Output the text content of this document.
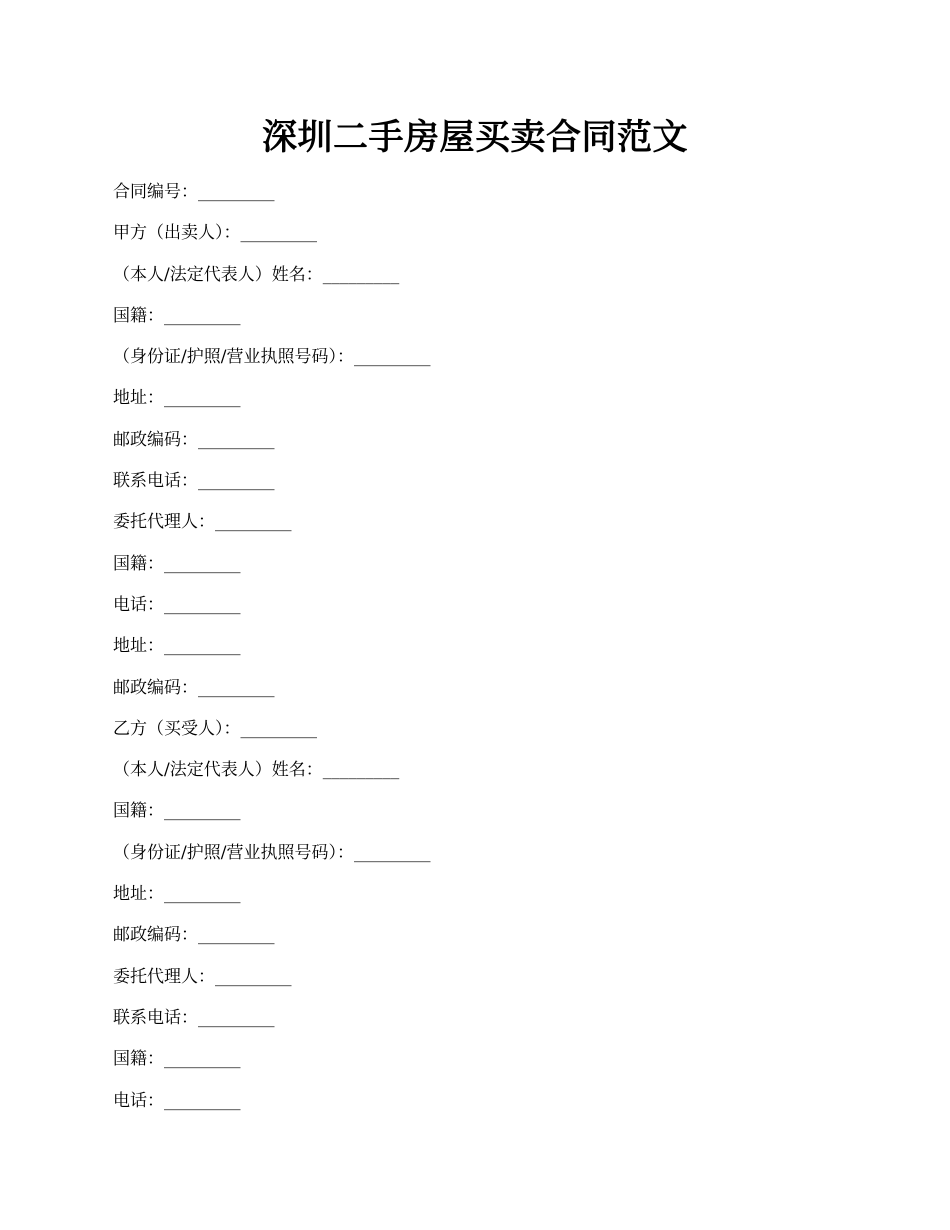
深圳二手房屋买卖合同范文
合同编号：_________
甲方（出卖人）：_________
（本人/法定代表人）姓名：_________
国籍：_________
（身份证/护照/营业执照号码）：_________
地址：_________
邮政编码：_________
联系电话：_________
委托代理人：_________
国籍：_________
电话：_________
地址：_________
邮政编码：_________
乙方（买受人）：_________
（本人/法定代表人）姓名：_________
国籍：_________
（身份证/护照/营业执照号码）：_________
地址：_________
邮政编码：_________
委托代理人：_________
联系电话：_________
国籍：_________
电话：_________
